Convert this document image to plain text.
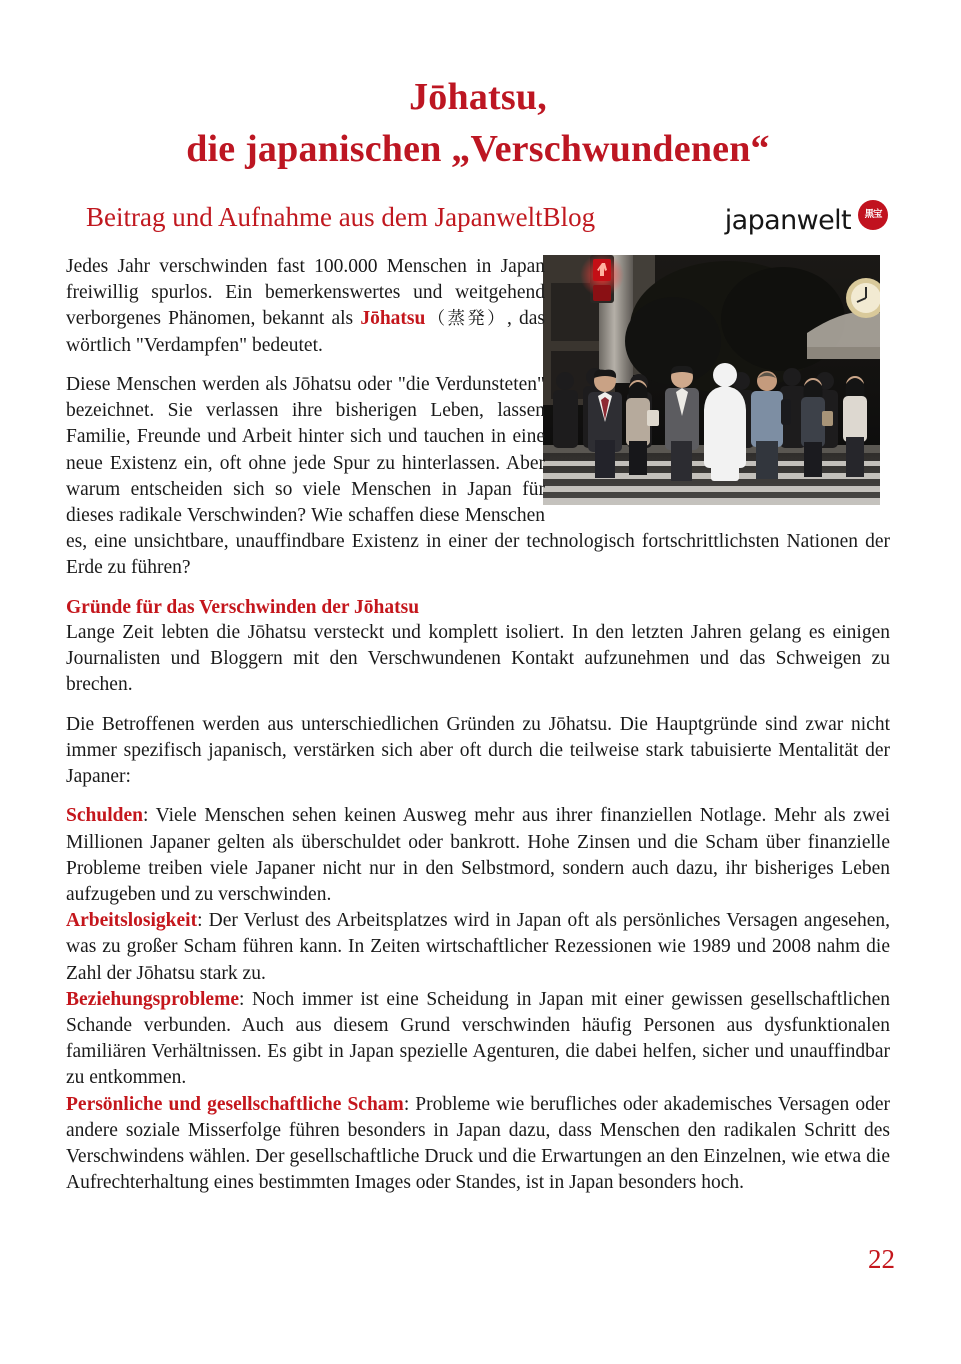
Jōhatsu,
die japanischen „Verschwundenen“
Beitrag und Aufnahme aus dem JapanweltBlog	japanwelt	黒宝

Jedes Jahr verschwinden fast 100.000 Menschen in Japan freiwillig spurlos. Ein bemerkenswertes und weitgehend verborgenes Phänomen, bekannt als Jōhatsu（蒸発）, das wörtlich "Verdampfen" bedeutet.

Diese Menschen werden als Jōhatsu oder "die Verdunsteten" bezeichnet. Sie verlassen ihre bisherigen Leben, lassen Familie, Freunde und Arbeit hinter sich und tauchen in eine neue Existenz ein, oft ohne jede Spur zu hinterlassen. Aber warum entscheiden sich so viele Menschen in Japan für dieses radikale Verschwinden? Wie schaffen diese Menschen es, eine unsichtbare, unauffindbare Existenz in einer der technologisch fortschrittlichsten Nationen der Erde zu führen?

Gründe für das Verschwinden der Jōhatsu

Lange Zeit lebten die Jōhatsu versteckt und komplett isoliert. In den letzten Jahren gelang es einigen Journalisten und Bloggern mit den Verschwundenen Kontakt aufzunehmen und das Schweigen zu brechen.

Die Betroffenen werden aus unterschiedlichen Gründen zu Jōhatsu. Die Hauptgründe sind zwar nicht immer spezifisch japanisch, verstärken sich aber oft durch die teilweise stark tabuisierte Mentalität der Japaner:

Schulden: Viele Menschen sehen keinen Ausweg mehr aus ihrer finanziellen Notlage. Mehr als zwei Millionen Japaner gelten als überschuldet oder bankrott. Hohe Zinsen und die Scham über finanzielle Probleme treiben viele Japaner nicht nur in den Selbstmord, sondern auch dazu, ihr bisheriges Leben aufzugeben und zu verschwinden.

Arbeitslosigkeit: Der Verlust des Arbeitsplatzes wird in Japan oft als persönliches Versagen angesehen, was zu großer Scham führen kann. In Zeiten wirtschaftlicher Rezessionen wie 1989 und 2008 nahm die Zahl der Jōhatsu stark zu.

Beziehungsprobleme: Noch immer ist eine Scheidung in Japan mit einer gewissen gesellschaftlichen Schande verbunden. Auch aus diesem Grund verschwinden häufig Personen aus dysfunktionalen familiären Verhältnissen. Es gibt in Japan spezielle Agenturen, die dabei helfen, sicher und unauffindbar zu entkommen.

Persönliche und gesellschaftliche Scham: Probleme wie berufliches oder akademisches Versagen oder andere soziale Misserfolge führen besonders in Japan dazu, dass Menschen den radikalen Schritt des Verschwindens wählen. Der gesellschaftliche Druck und die Erwartungen an den Einzelnen, wie etwa die Aufrechterhaltung eines bestimmten Images oder Standes, ist in Japan besonders hoch.

22
